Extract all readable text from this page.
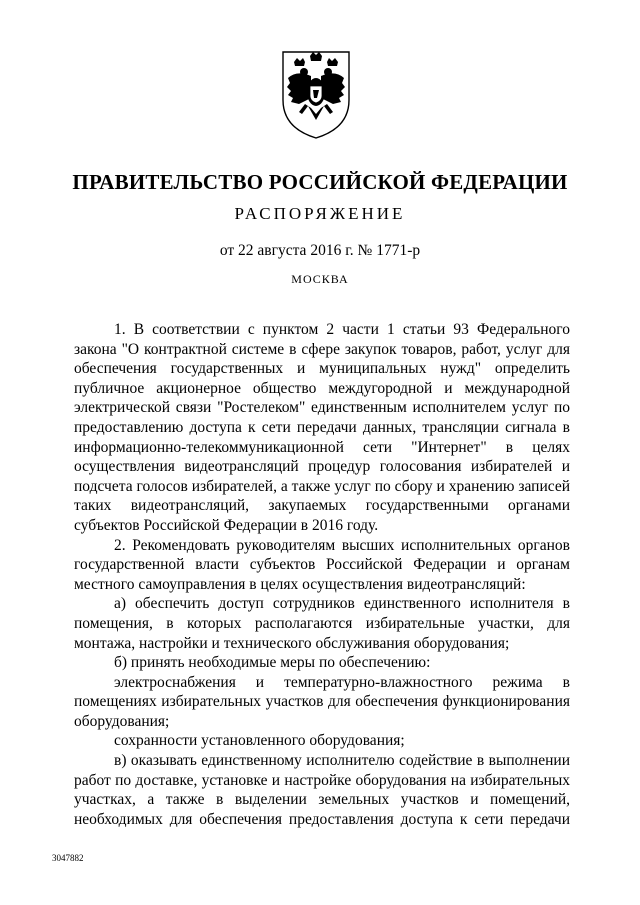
ПРАВИТЕЛЬСТВО РОССИЙСКОЙ ФЕДЕРАЦИИ
РАСПОРЯЖЕНИЕ
от 22 августа 2016 г. № 1771-р
МОСКВА

1. В соответствии с пунктом 2 части 1 статьи 93 Федерального закона "О контрактной системе в сфере закупок товаров, работ, услуг для обеспечения государственных и муниципальных нужд" определить публичное акционерное общество междугородной и международной электрической связи "Ростелеком" единственным исполнителем услуг по предоставлению доступа к сети передачи данных, трансляции сигнала в информационно-телекоммуникационной сети "Интернет" в целях осуществления видеотрансляций процедур голосования избирателей и подсчета голосов избирателей, а также услуг по сбору и хранению записей таких видеотрансляций, закупаемых государственными органами субъектов Российской Федерации в 2016 году.

2. Рекомендовать руководителям высших исполнительных органов государственной власти субъектов Российской Федерации и органам местного самоуправления в целях осуществления видеотрансляций:

а) обеспечить доступ сотрудников единственного исполнителя в помещения, в которых располагаются избирательные участки, для монтажа, настройки и технического обслуживания оборудования;

б) принять необходимые меры по обеспечению:

электроснабжения и температурно-влажностного режима в помещениях избирательных участков для обеспечения функционирования оборудования;

сохранности установленного оборудования;

в) оказывать единственному исполнителю содействие в выполнении работ по доставке, установке и настройке оборудования на избирательных участках, а также в выделении земельных участков и помещений, необходимых для обеспечения предоставления доступа к сети передачи

3047882
